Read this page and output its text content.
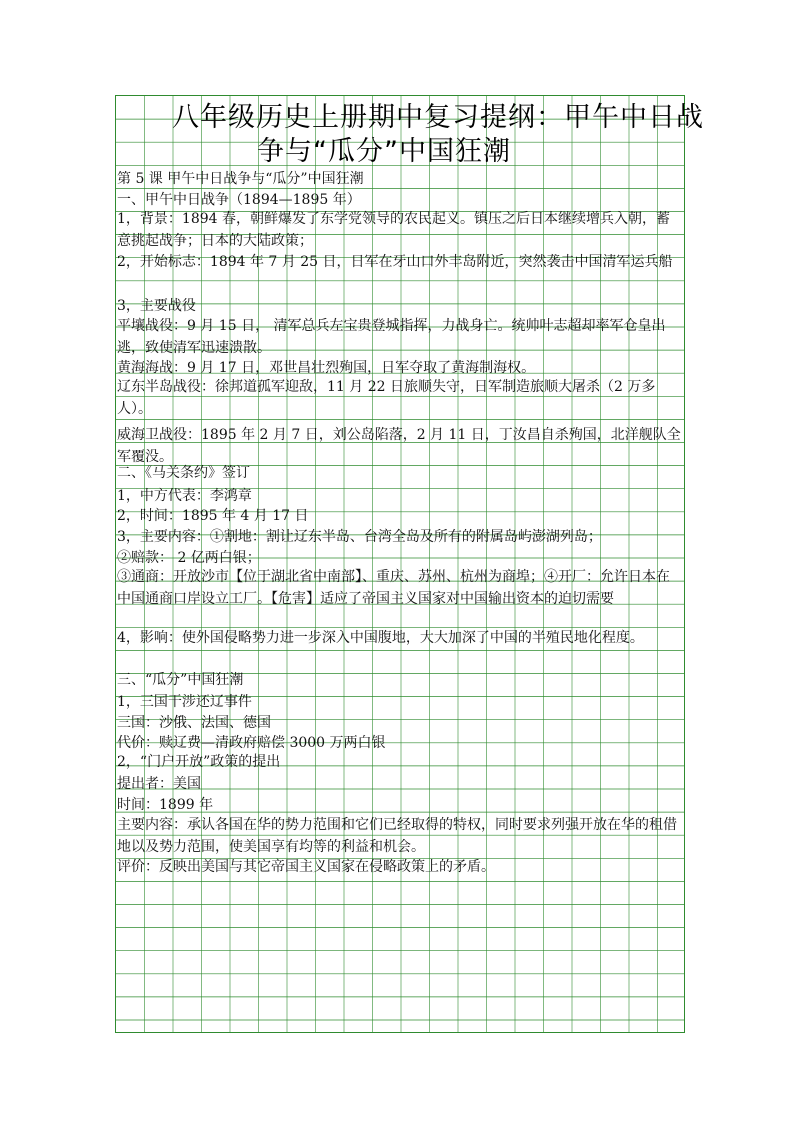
八年级历史上册期中复习提纲：甲午中日战
争与“瓜分”中国狂潮
第 5 课 甲午中日战争与“瓜分”中国狂潮
一、甲午中日战争（1894—1895 年）
1，背景：1894 春，朝鲜爆发了东学党领导的农民起义。镇压之后日本继续增兵入朝，蓄意挑起战争；日本的大陆政策；
2，开始标志：1894 年 7 月 25 日，日军在牙山口外丰岛附近，突然袭击中国清军运兵船
3，主要战役
平壤战役：9 月 15 日， 清军总兵左宝贵登城指挥，力战身亡。统帅叶志超却率军仓皇出逃，致使清军迅速溃散。
黄海海战：9 月 17 日，邓世昌壮烈殉国，日军夺取了黄海制海权。
辽东半岛战役：徐邦道孤军迎敌，11 月 22 日旅顺失守，日军制造旅顺大屠杀（2 万多人）。
威海卫战役：1895 年 2 月 7 日，刘公岛陷落，2 月 11 日，丁汝昌自杀殉国，北洋舰队全军覆没。
二、《马关条约》签订
1，中方代表：李鸿章
2，时间：1895 年 4 月 17 日
3，主要内容：①割地：割让辽东半岛、台湾全岛及所有的附属岛屿澎湖列岛；
②赔款： 2 亿两白银；
③通商：开放沙市【位于湖北省中南部】、重庆、苏州、杭州为商埠；④开厂：允许日本在中国通商口岸设立工厂。【危害】适应了帝国主义国家对中国输出资本的迫切需要
4，影响：使外国侵略势力进一步深入中国腹地，大大加深了中国的半殖民地化程度。
三、“瓜分”中国狂潮
1，三国干涉还辽事件
三国：沙俄、法国、德国
代价：赎辽费—清政府赔偿 3000 万两白银
2，“门户开放”政策的提出
提出者：美国
时间：1899 年
主要内容：承认各国在华的势力范围和它们已经取得的特权，同时要求列强开放在华的租借地以及势力范围，使美国享有均等的利益和机会。
评价：反映出美国与其它帝国主义国家在侵略政策上的矛盾。
